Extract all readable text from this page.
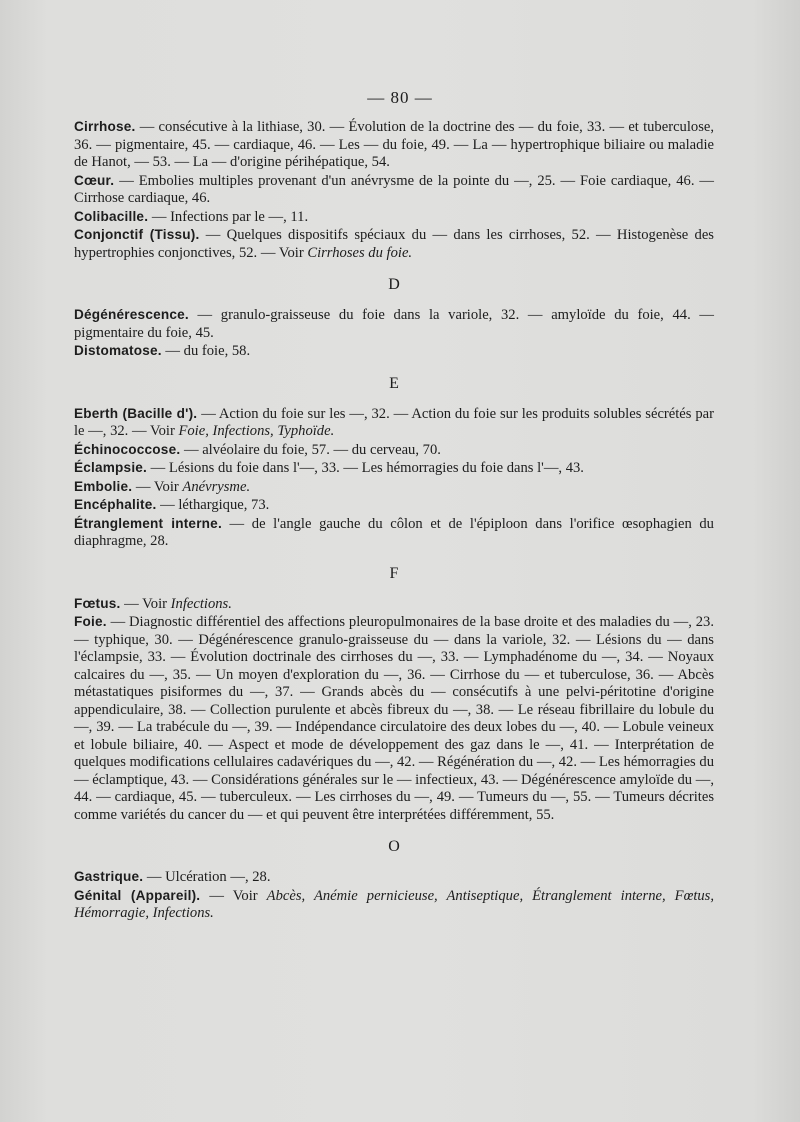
— 80 —

Cirrhose. — consécutive à la lithiase, 30. — Évolution de la doctrine des — du foie, 33. — et tuberculose, 36. — pigmentaire, 45. — cardiaque, 46. — Les — du foie, 49. — La — hypertrophique biliaire ou maladie de Hanot, — 53. — La — d'origine périhépatique, 54.

Cœur. — Embolies multiples provenant d'un anévrysme de la pointe du —, 25. — Foie cardiaque, 46. — Cirrhose cardiaque, 46.

Colibacille. — Infections par le —, 11.

Conjonctif (Tissu). — Quelques dispositifs spéciaux du — dans les cirrhoses, 52. — Histogenèse des hypertrophies conjonctives, 52. — Voir Cirrhoses du foie.

D

Dégénérescence. — granulo-graisseuse du foie dans la variole, 32. — amyloïde du foie, 44. — pigmentaire du foie, 45.

Distomatose. — du foie, 58.

E

Eberth (Bacille d'). — Action du foie sur les —, 32. — Action du foie sur les produits solubles sécrétés par le —, 32. — Voir Foie, Infections, Typhoïde.

Échinococcose. — alvéolaire du foie, 57. — du cerveau, 70.

Éclampsie. — Lésions du foie dans l'—, 33. — Les hémorragies du foie dans l'—, 43.

Embolie. — Voir Anévrysme.

Encéphalite. — léthargique, 73.

Étranglement interne. — de l'angle gauche du côlon et de l'épiploon dans l'orifice œsophagien du diaphragme, 28.

F

Fœtus. — Voir Infections.

Foie. — Diagnostic différentiel des affections pleuropulmonaires de la base droite et des maladies du —, 23. — typhique, 30. — Dégénérescence granulo-graisseuse du — dans la variole, 32. — Lésions du — dans l'éclampsie, 33. — Évolution doctrinale des cirrhoses du —, 33. — Lymphadénome du —, 34. — Noyaux calcaires du —, 35. — Un moyen d'exploration du —, 36. — Cirrhose du — et tuberculose, 36. — Abcès métastatiques pisiformes du —, 37. — Grands abcès du — consécutifs à une pelvi-péritotine d'origine appendiculaire, 38. — Collection purulente et abcès fibreux du —, 38. — Le réseau fibrillaire du lobule du —, 39. — La trabécule du —, 39. — Indépendance circulatoire des deux lobes du —, 40. — Lobule veineux et lobule biliaire, 40. — Aspect et mode de développement des gaz dans le —, 41. — Interprétation de quelques modifications cellulaires cadavériques du —, 42. — Régénération du —, 42. — Les hémorragies du — éclamptique, 43. — Considérations générales sur le — infectieux, 43. — Dégénérescence amyloïde du —, 44. — cardiaque, 45. — tuberculeux. — Les cirrhoses du —, 49. — Tumeurs du —, 55. — Tumeurs décrites comme variétés du cancer du — et qui peuvent être interprétées différemment, 55.

O

Gastrique. — Ulcération —, 28.

Génital (Appareil). — Voir Abcès, Anémie pernicieuse, Antiseptique, Étranglement interne, Fœtus, Hémorragie, Infections.
